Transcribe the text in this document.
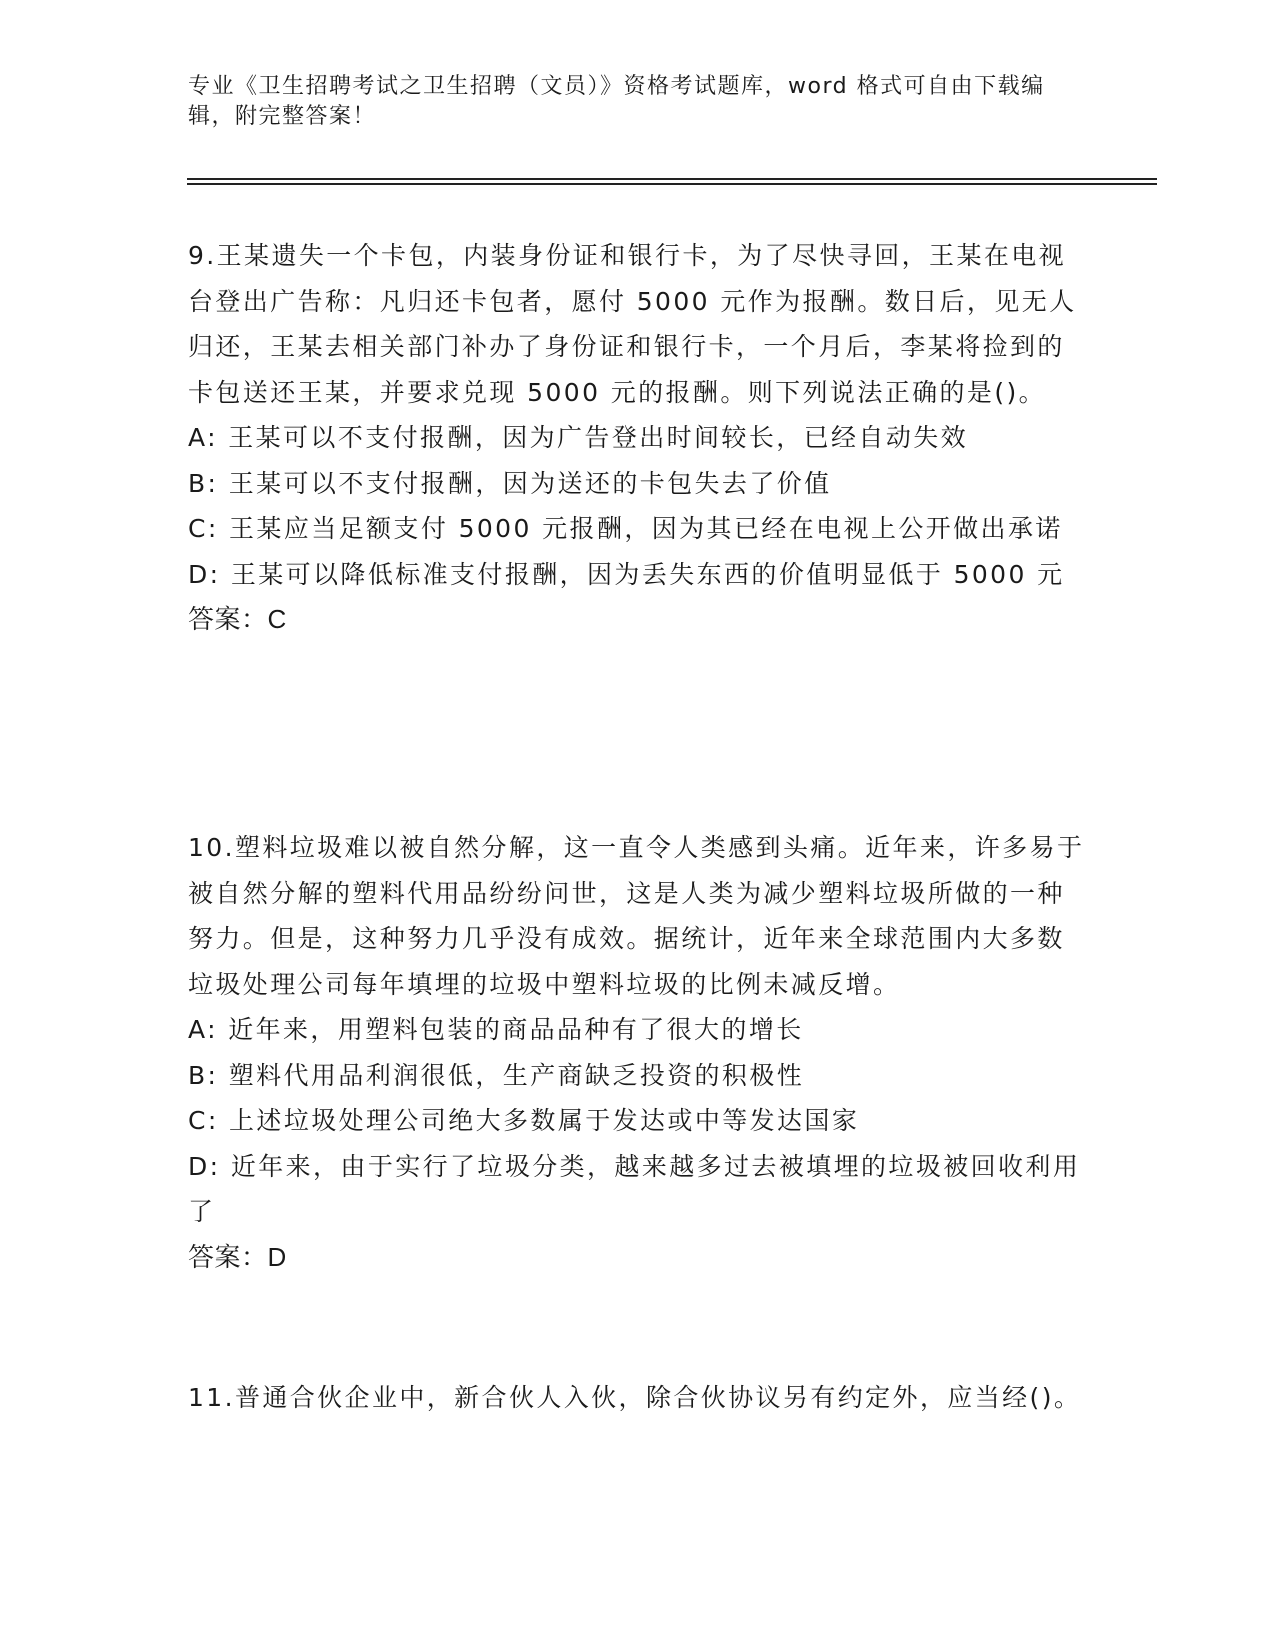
专业《卫生招聘考试之卫生招聘（文员）》资格考试题库，word 格式可自由下载编辑，附完整答案！

9.王某遗失一个卡包，内装身份证和银行卡，为了尽快寻回，王某在电视台登出广告称：凡归还卡包者，愿付 5000 元作为报酬。数日后，见无人归还，王某去相关部门补办了身份证和银行卡，一个月后，李某将捡到的卡包送还王某，并要求兑现 5000 元的报酬。则下列说法正确的是()。

A: 王某可以不支付报酬，因为广告登出时间较长，已经自动失效

B: 王某可以不支付报酬，因为送还的卡包失去了价值

C: 王某应当足额支付 5000 元报酬，因为其已经在电视上公开做出承诺

D: 王某可以降低标准支付报酬，因为丢失东西的价值明显低于 5000 元

答案：C

10.塑料垃圾难以被自然分解，这一直令人类感到头痛。近年来，许多易于被自然分解的塑料代用品纷纷问世，这是人类为减少塑料垃圾所做的一种努力。但是，这种努力几乎没有成效。据统计，近年来全球范围内大多数垃圾处理公司每年填埋的垃圾中塑料垃圾的比例未减反增。

A: 近年来，用塑料包装的商品品种有了很大的增长

B: 塑料代用品利润很低，生产商缺乏投资的积极性

C: 上述垃圾处理公司绝大多数属于发达或中等发达国家

D: 近年来，由于实行了垃圾分类，越来越多过去被填埋的垃圾被回收利用了

答案：D

11.普通合伙企业中，新合伙人入伙，除合伙协议另有约定外，应当经()。
